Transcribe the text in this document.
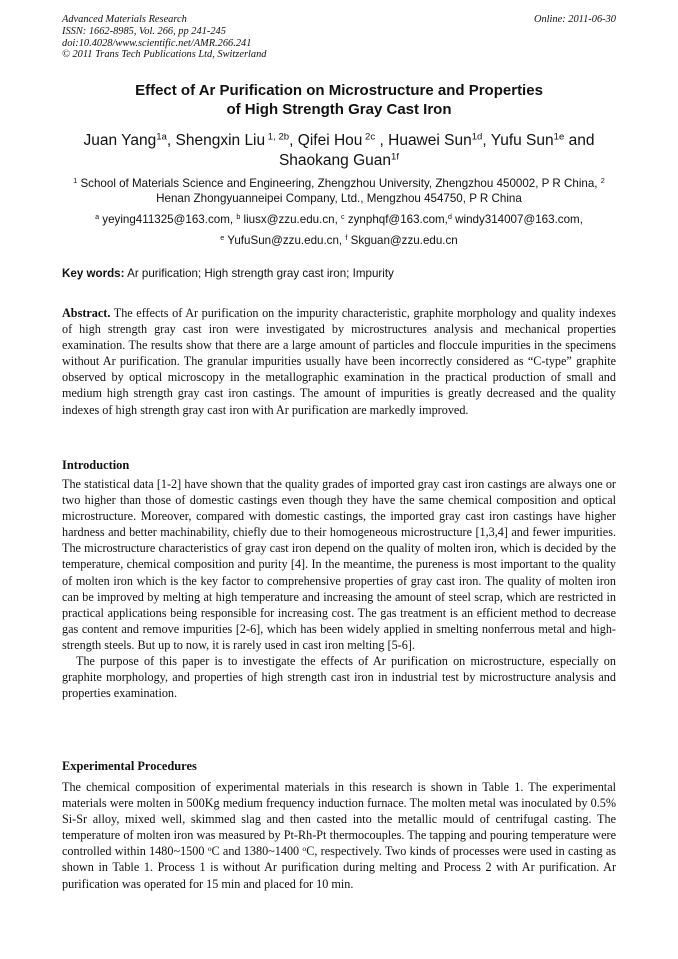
Advanced Materials Research
ISSN: 1662-8985, Vol. 266, pp 241-245
doi:10.4028/www.scientific.net/AMR.266.241
© 2011 Trans Tech Publications Ltd, Switzerland
Online: 2011-06-30
Effect of Ar Purification on Microstructure and Properties
of High Strength Gray Cast Iron
Juan Yang$^{1a}$, Shengxin Liu $^{1, 2b}$, Qifei Hou $^{2c}$ , Huawei Sun$^{1d}$, Yufu Sun$^{1e}$ and
Shaokang Guan$^{1f}$
$^1$ School of Materials Science and Engineering, Zhengzhou University, Zhengzhou 450002, P R China, $^2$ Henan Zhongyuanneipei Company, Ltd., Mengzhou 454750, P R China
$^a$ yeying411325@163.com, $^b$ liusx@zzu.edu.cn, $^c$ zynphqf@163.com,$^d$ windy314007@163.com,
$^e$ YufuSun@zzu.edu.cn, $^f$ Skguan@zzu.edu.cn
Key words: Ar purification; High strength gray cast iron; Impurity

Abstract. The effects of Ar purification on the impurity characteristic, graphite morphology and quality indexes of high strength gray cast iron were investigated by microstructures analysis and mechanical properties examination. The results show that there are a large amount of particles and floccule impurities in the specimens without Ar purification. The granular impurities usually have been incorrectly considered as “C-type” graphite observed by optical microscopy in the metallographic examination in the practical production of small and medium high strength gray cast iron castings. The amount of impurities is greatly decreased and the quality indexes of high strength gray cast iron with Ar purification are markedly improved.

Introduction

The statistical data [1-2] have shown that the quality grades of imported gray cast iron castings are always one or two higher than those of domestic castings even though they have the same chemical composition and optical microstructure. Moreover, compared with domestic castings, the imported gray cast iron castings have higher hardness and better machinability, chiefly due to their homogeneous microstructure [1,3,4] and fewer impurities. The microstructure characteristics of gray cast iron depend on the quality of molten iron, which is decided by the temperature, chemical composition and purity [4]. In the meantime, the pureness is most important to the quality of molten iron which is the key factor to comprehensive properties of gray cast iron. The quality of molten iron can be improved by melting at high temperature and increasing the amount of steel scrap, which are restricted in practical applications being responsible for increasing cost. The gas treatment is an efficient method to decrease gas content and remove impurities [2-6], which has been widely applied in smelting nonferrous metal and high-strength steels. But up to now, it is rarely used in cast iron melting [5-6].

The purpose of this paper is to investigate the effects of Ar purification on microstructure, especially on graphite morphology, and properties of high strength cast iron in industrial test by microstructure analysis and properties examination.

Experimental Procedures

The chemical composition of experimental materials in this research is shown in Table 1. The experimental materials were molten in 500Kg medium frequency induction furnace. The molten metal was inoculated by 0.5% Si-Sr alloy, mixed well, skimmed slag and then casted into the metallic mould of centrifugal casting. The temperature of molten iron was measured by Pt-Rh-Pt thermocouples. The tapping and pouring temperature were controlled within 1480~1500 $^o$C and 1380~1400 $^o$C, respectively. Two kinds of processes were used in casting as shown in Table 1. Process 1 is without Ar purification during melting and Process 2 with Ar purification. Ar purification was operated for 15 min and placed for 10 min.
